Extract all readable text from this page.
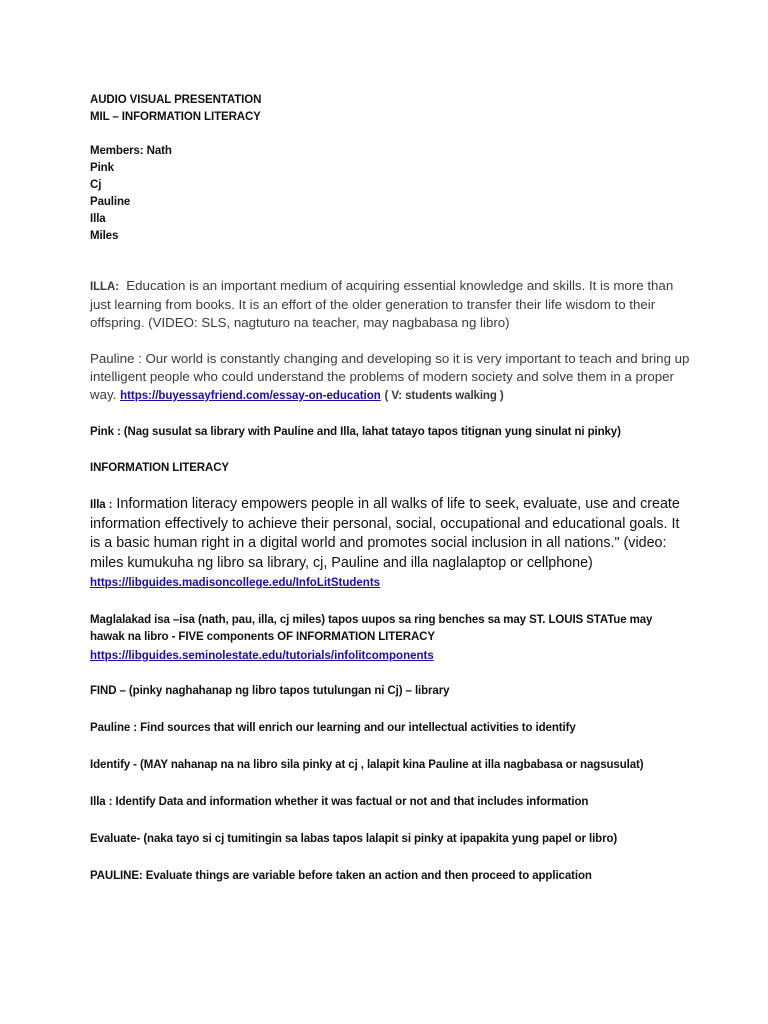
AUDIO VISUAL PRESENTATION

MIL – INFORMATION LITERACY

Members: Nath

Pink

Cj

Pauline

Illa

Miles

ILLA: Education is an important medium of acquiring essential knowledge and skills. It is more than just learning from books. It is an effort of the older generation to transfer their life wisdom to their offspring. (VIDEO: SLS, nagtuturo na teacher, may nagbabasa ng libro)

Pauline : Our world is constantly changing and developing so it is very important to teach and bring up intelligent people who could understand the problems of modern society and solve them in a proper way. https://buyessayfriend.com/essay-on-education ( V: students walking )

Pink : (Nag susulat sa library with Pauline and Illa, lahat tatayo tapos titignan yung sinulat ni pinky)

INFORMATION LITERACY

Illa : Information literacy empowers people in all walks of life to seek, evaluate, use and create information effectively to achieve their personal, social, occupational and educational goals. It is a basic human right in a digital world and promotes social inclusion in all nations." (video: miles kumukuha ng libro sa library, cj, Pauline and illa naglalaptop or cellphone) https://libguides.madisoncollege.edu/InfoLitStudents

Maglalakad isa –isa (nath, pau, illa, cj miles) tapos uupos sa ring benches sa may ST. LOUIS STATue may

hawak na libro - FIVE components OF INFORMATION LITERACY

https://libguides.seminolestate.edu/tutorials/infolitcomponents

FIND – (pinky naghahanap ng libro tapos tutulungan ni Cj) – library

Pauline : Find sources that will enrich our learning and our intellectual activities to identify

Identify - (MAY nahanap na na libro sila pinky at cj , lalapit kina Pauline at illa nagbabasa or nagsusulat)

Illa : Identify Data and information whether it was factual or not and that includes information

Evaluate- (naka tayo si cj tumitingin sa labas tapos lalapit si pinky at ipapakita yung papel or libro)

PAULINE: Evaluate things are variable before taken an action and then proceed to application
